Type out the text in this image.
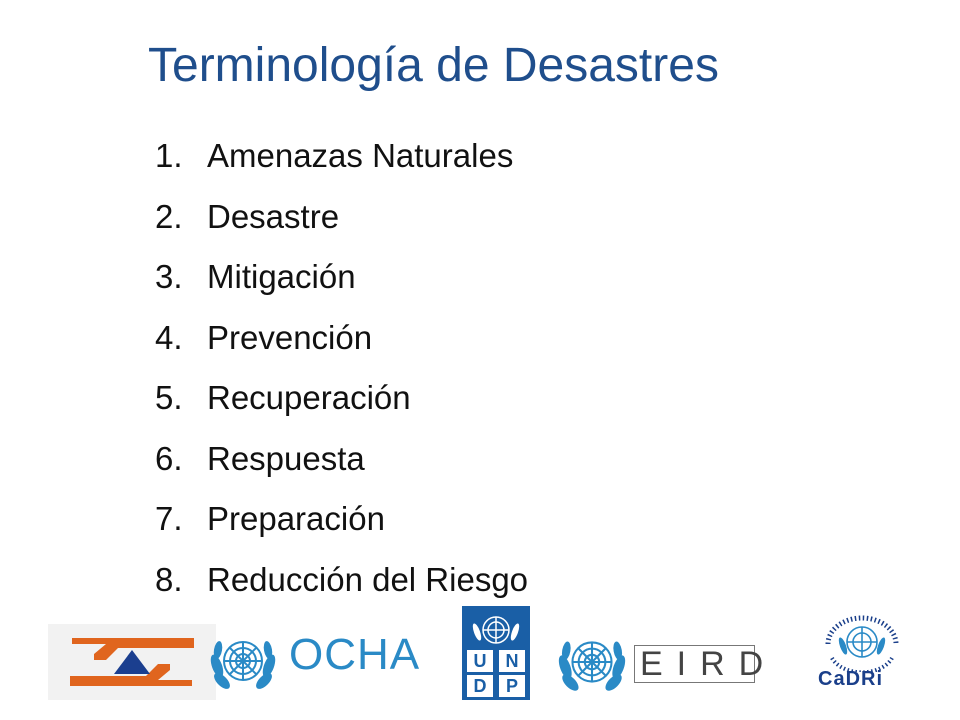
Terminología de Desastres
1. Amenazas Naturales
2. Desastre
3. Mitigación
4. Prevención
5. Recuperación
6. Respuesta
7. Preparación
8. Reducción del Riesgo
OCHA	U	N
D	P
EIRD CaDRi
